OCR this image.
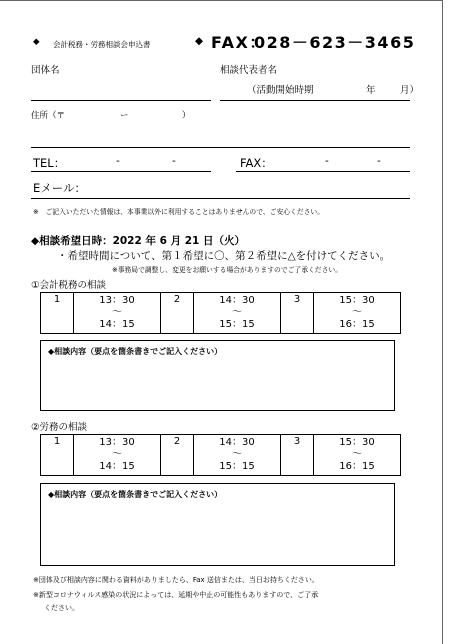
◆ 会計税務・労務相談会申込書	◆ FAX：
028－623－3465
団体名	相談代表者名
（活動開始時期	年	月）
住所（〒	ー	）
TEL：	-	-	FAX：	-	-
Eメール：
※　ご記入いただいた情報は、本事業以外に利用することはありませんので、ご安心ください。
◆相談希望日時：2022 年 6 月 21 日（火）
・希望時間について、第１希望に〇、第２希望に△を付けてください。
※事務局で調整し、変更をお願いする場合がありますのでご了承ください。
①会計税務の相談
1	13：30
～
14：15
	2	14：30
～
15：15
	3	15：30
～
16：15
◆相談内容（要点を箇条書きでご記入ください）
②労務の相談
1	13：30
～
14：15
	2	14：30
～
15：15
	3	15：30
～
16：15
◆相談内容（要点を箇条書きでご記入ください）
※団体及び相談内容に関わる資料がありましたら、Fax 送信または、当日お持ちください。
※新型コロナウィルス感染の状況によっては、延期や中止の可能性もありますので、ご了承
ください。
